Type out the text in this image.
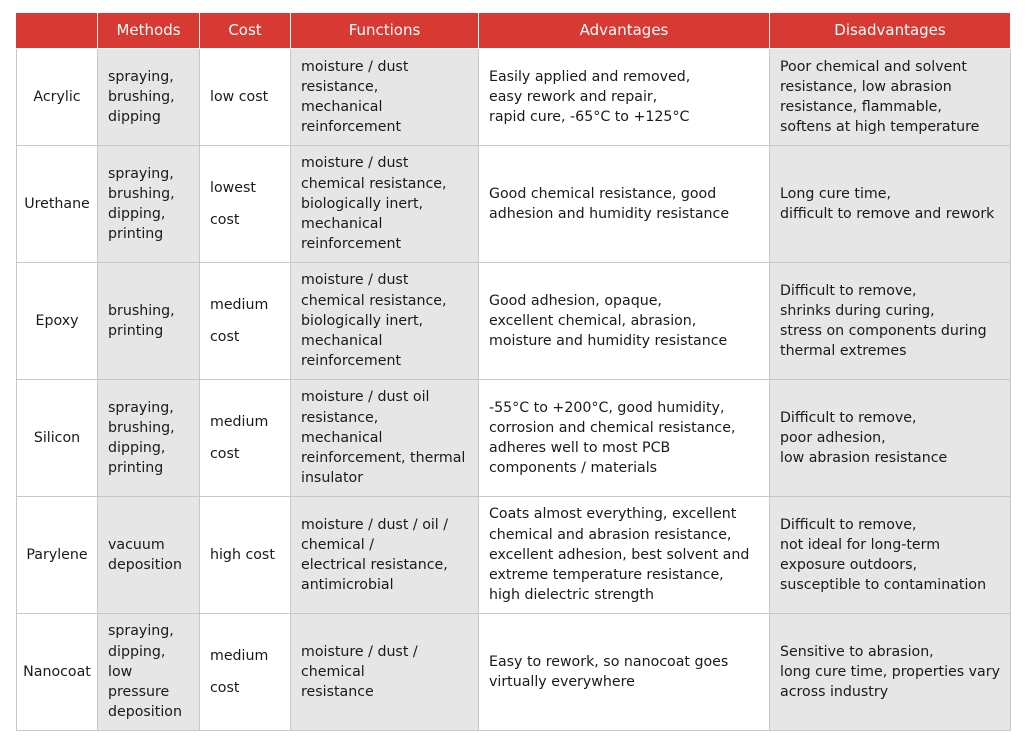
	Methods	Cost	Functions	Advantages	Disadvantages
Acrylic	spraying,
brushing,
dipping	low cost	moisture / dust
resistance,
mechanical
reinforcement	Easily applied and removed,
easy rework and repair,
rapid cure, -65°C to +125°C	Poor chemical and solvent
resistance, low abrasion
resistance, flammable,
softens at high temperature
Urethane	spraying,
brushing,
dipping,
printing	lowest
cost	moisture / dust
chemical resistance,
biologically inert,
mechanical
reinforcement	Good chemical resistance, good
adhesion and humidity resistance	Long cure time,
difficult to remove and rework
Epoxy	brushing,
printing	medium
cost	moisture / dust
chemical resistance,
biologically inert,
mechanical
reinforcement	Good adhesion, opaque,
excellent chemical, abrasion,
moisture and humidity resistance	Difficult to remove,
shrinks during curing,
stress on components during
thermal extremes
Silicon	spraying,
brushing,
dipping,
printing	medium
cost	moisture / dust oil
resistance,
mechanical
reinforcement, thermal
insulator	-55°C to +200°C, good humidity,
corrosion and chemical resistance,
adheres well to most PCB
components / materials	Difficult to remove,
poor adhesion,
low abrasion resistance
Parylene	vacuum
deposition	high cost	moisture / dust / oil /
chemical /
electrical resistance,
antimicrobial	Coats almost everything, excellent
chemical and abrasion resistance,
excellent adhesion, best solvent and
extreme temperature resistance,
high dielectric strength	Difficult to remove,
not ideal for long-term
exposure outdoors,
susceptible to contamination
Nanocoat	spraying,
dipping,
low
pressure
deposition	medium
cost	moisture / dust /
chemical
resistance	Easy to rework, so nanocoat goes
virtually everywhere	Sensitive to abrasion,
long cure time, properties vary
across industry
